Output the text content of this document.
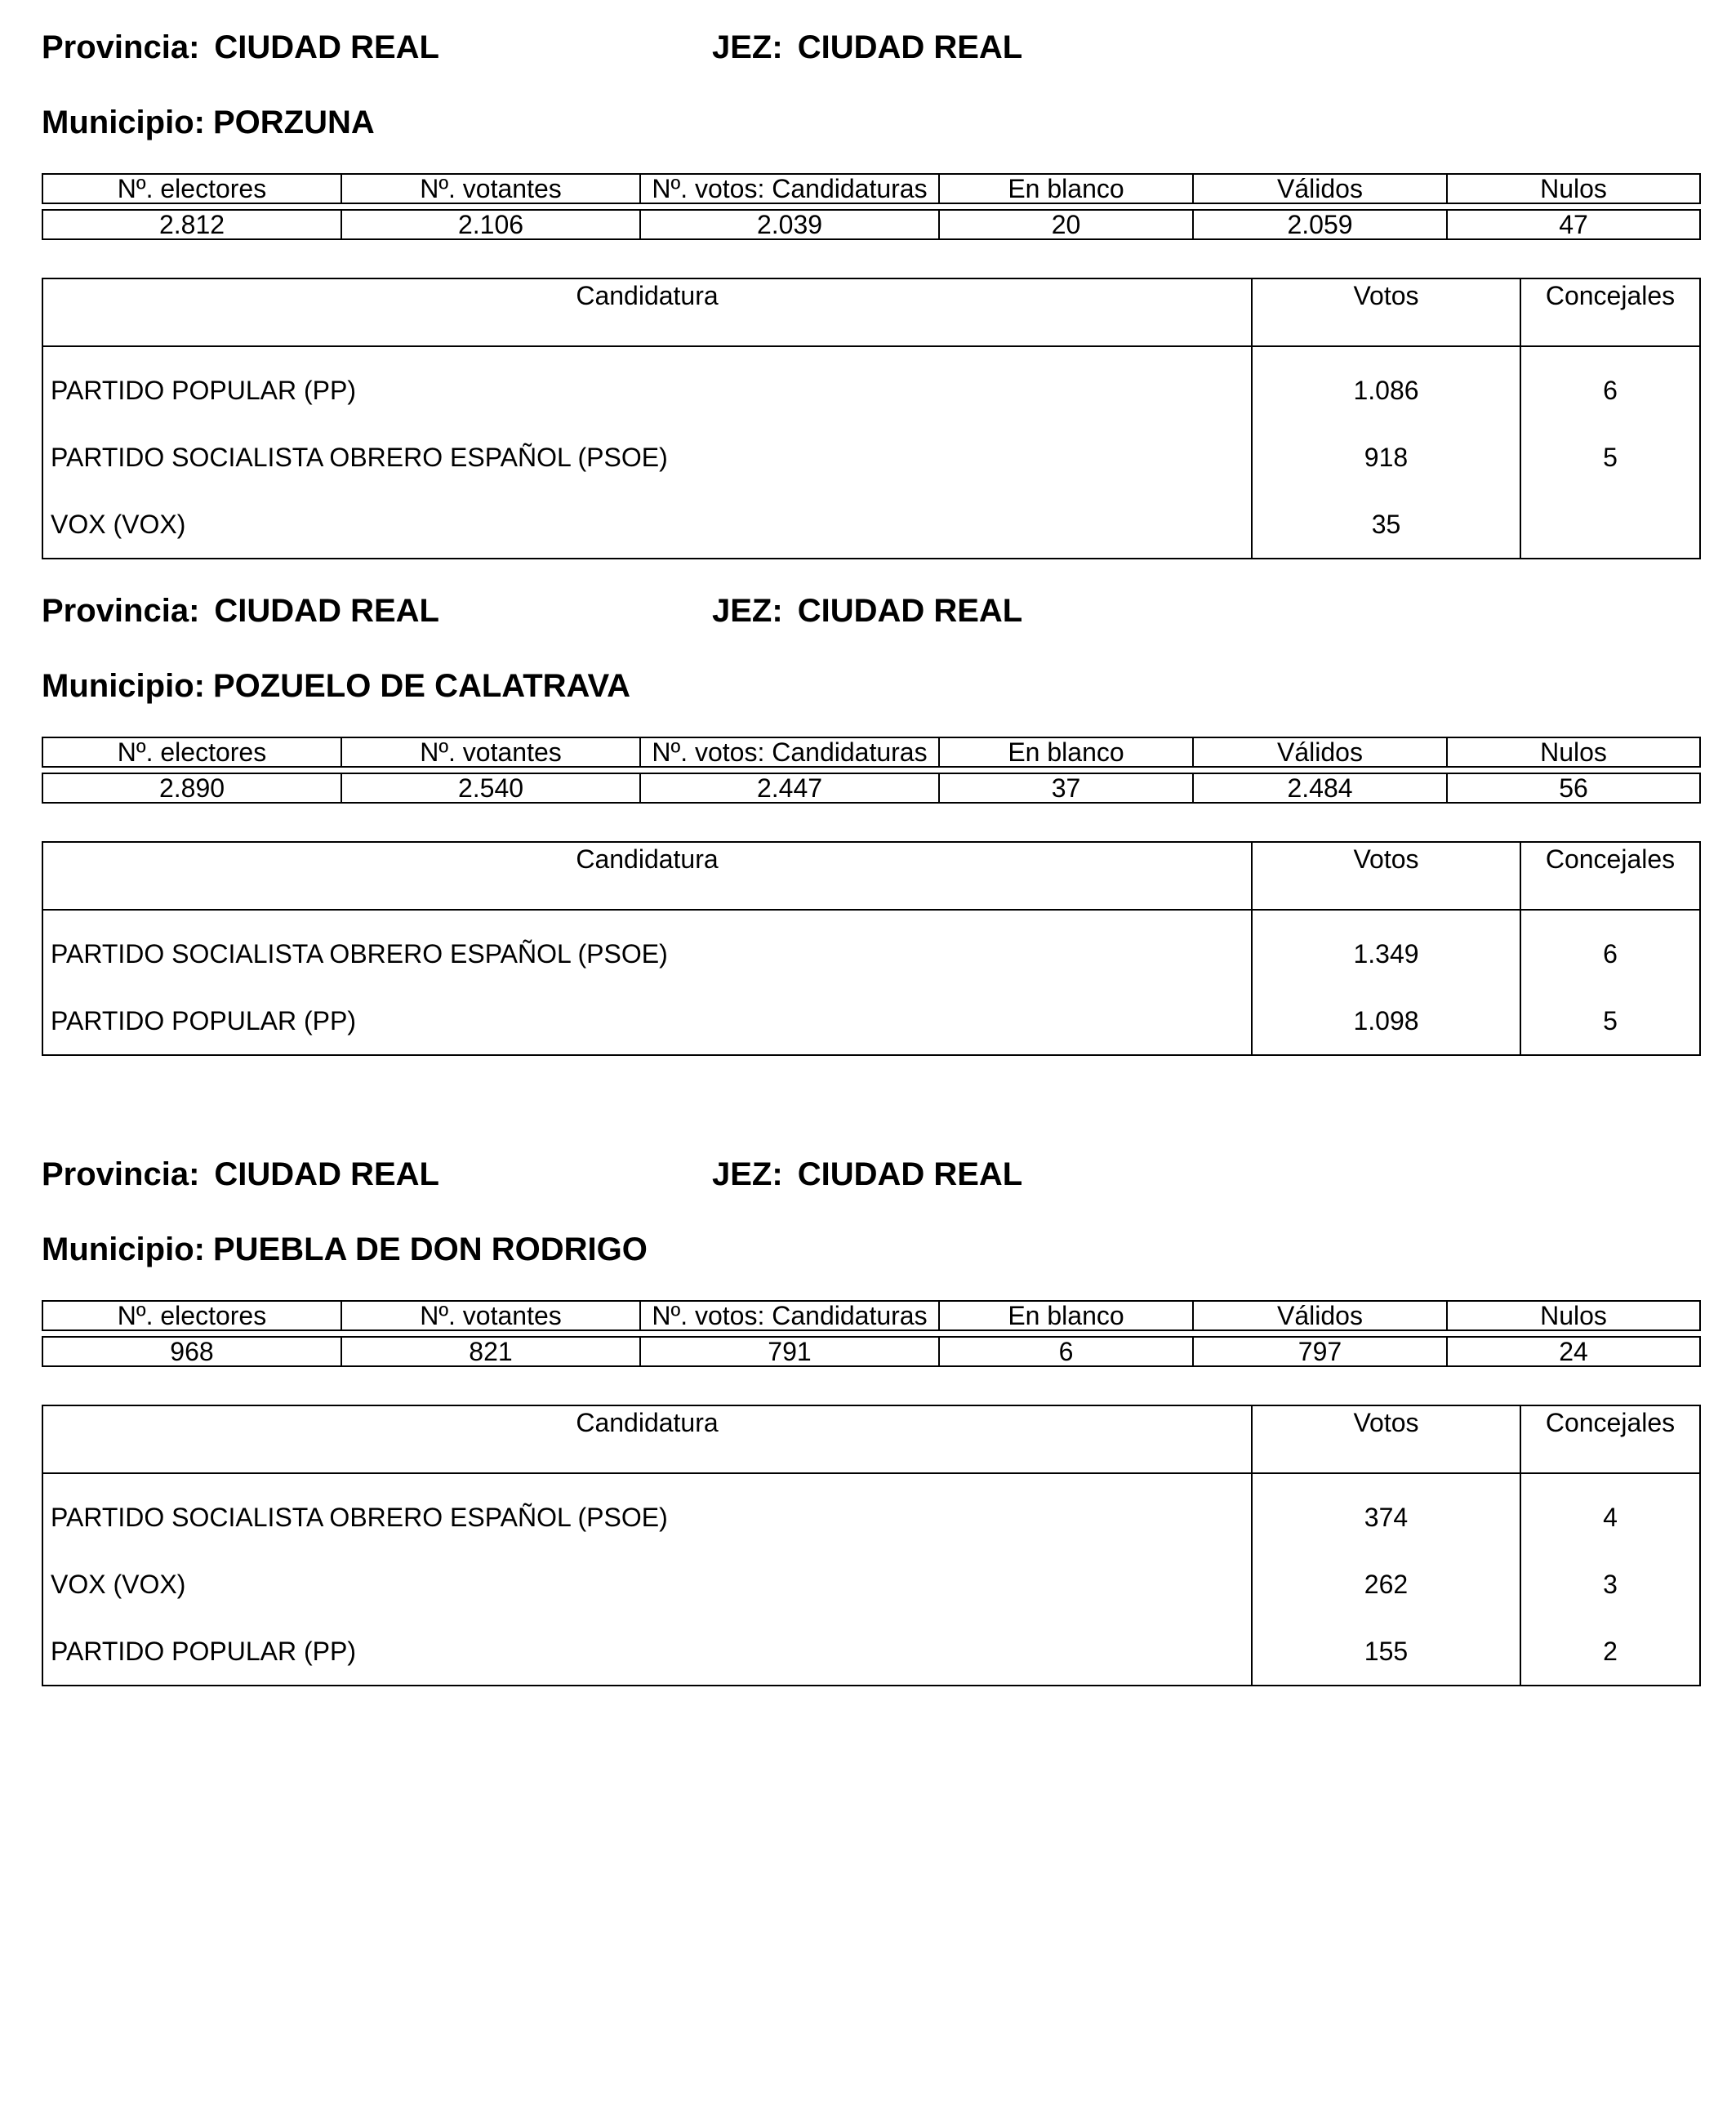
Provincia: CIUDAD REAL	JEZ: CIUDAD REAL
Municipio: PORZUNA
Nº. electores	Nº. votantes	Nº. votos: Candidaturas	En blanco	Válidos	Nulos

2.812	2.106	2.039	20	2.059	47
Candidatura	Votos	Concejales
PARTIDO POPULAR (PP)	1.086	6
PARTIDO SOCIALISTA OBRERO ESPAÑOL (PSOE)	918	5
VOX (VOX)	35	
Provincia: CIUDAD REAL	JEZ: CIUDAD REAL
Municipio: POZUELO DE CALATRAVA
Nº. electores	Nº. votantes	Nº. votos: Candidaturas	En blanco	Válidos	Nulos

2.890	2.540	2.447	37	2.484	56
Candidatura	Votos	Concejales
PARTIDO SOCIALISTA OBRERO ESPAÑOL (PSOE)	1.349	6
PARTIDO POPULAR (PP)	1.098	5
Provincia: CIUDAD REAL	JEZ: CIUDAD REAL
Municipio: PUEBLA DE DON RODRIGO
Nº. electores	Nº. votantes	Nº. votos: Candidaturas	En blanco	Válidos	Nulos

968	821	791	6	797	24
Candidatura	Votos	Concejales
PARTIDO SOCIALISTA OBRERO ESPAÑOL (PSOE)	374	4
VOX (VOX)	262	3
PARTIDO POPULAR (PP)	155	2
